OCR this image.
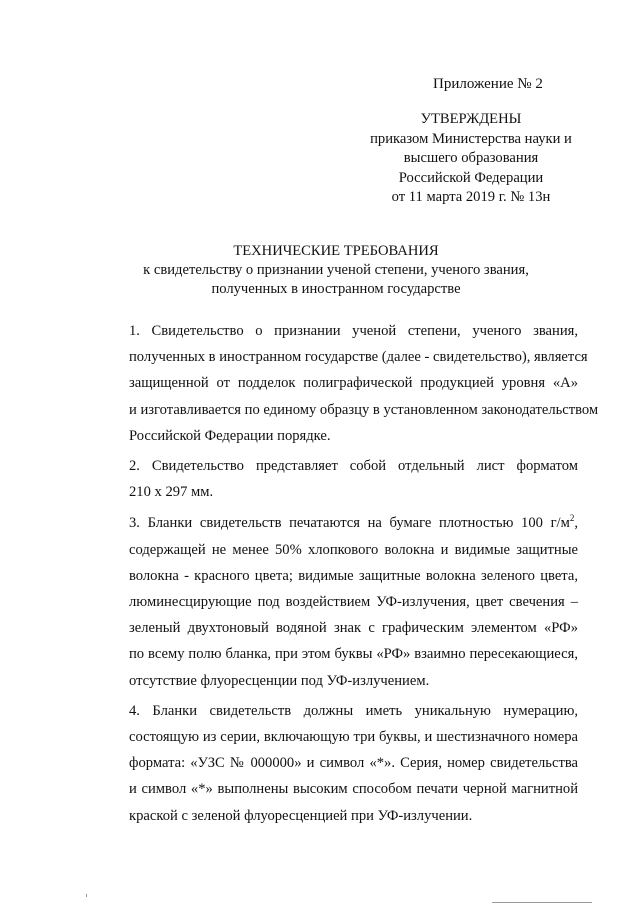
Приложение № 2
УТВЕРЖДЕНЫ
приказом Министерства науки и
высшего образования
Российской Федерации
от 11 марта 2019 г. № 13н
ТЕХНИЧЕСКИЕ ТРЕБОВАНИЯ
к свидетельству о признании ученой степени, ученого звания,
полученных в иностранном государстве
1. Свидетельство о признании ученой степени, ученого звания,
полученных в иностранном государстве (далее - свидетельство), является
защищенной от подделок полиграфической продукцией уровня «А»
и изготавливается по единому образцу в установленном законодательством
Российской Федерации порядке.
2. Свидетельство представляет собой отдельный лист форматом
210 х 297 мм.
3. Бланки свидетельств печатаются на бумаге плотностью 100 $г/м^2$,
содержащей не менее 50% хлопкового волокна и видимые защитные
волокна - красного цвета; видимые защитные волокна зеленого цвета,
люминесцирующие под воздействием УФ-излучения, цвет свечения –
зеленый двухтоновый водяной знак с графическим элементом «РФ»
по всему полю бланка, при этом буквы «РФ» взаимно пересекающиеся,
отсутствие флуоресценции под УФ-излучением.
4. Бланки свидетельств должны иметь уникальную нумерацию,
состоящую из серии, включающую три буквы, и шестизначного номера
формата: «УЗС № 000000» и символ «*». Серия, номер свидетельства
и символ «*» выполнены высоким способом печати черной магнитной
краской с зеленой флуоресценцией при УФ-излучении.
